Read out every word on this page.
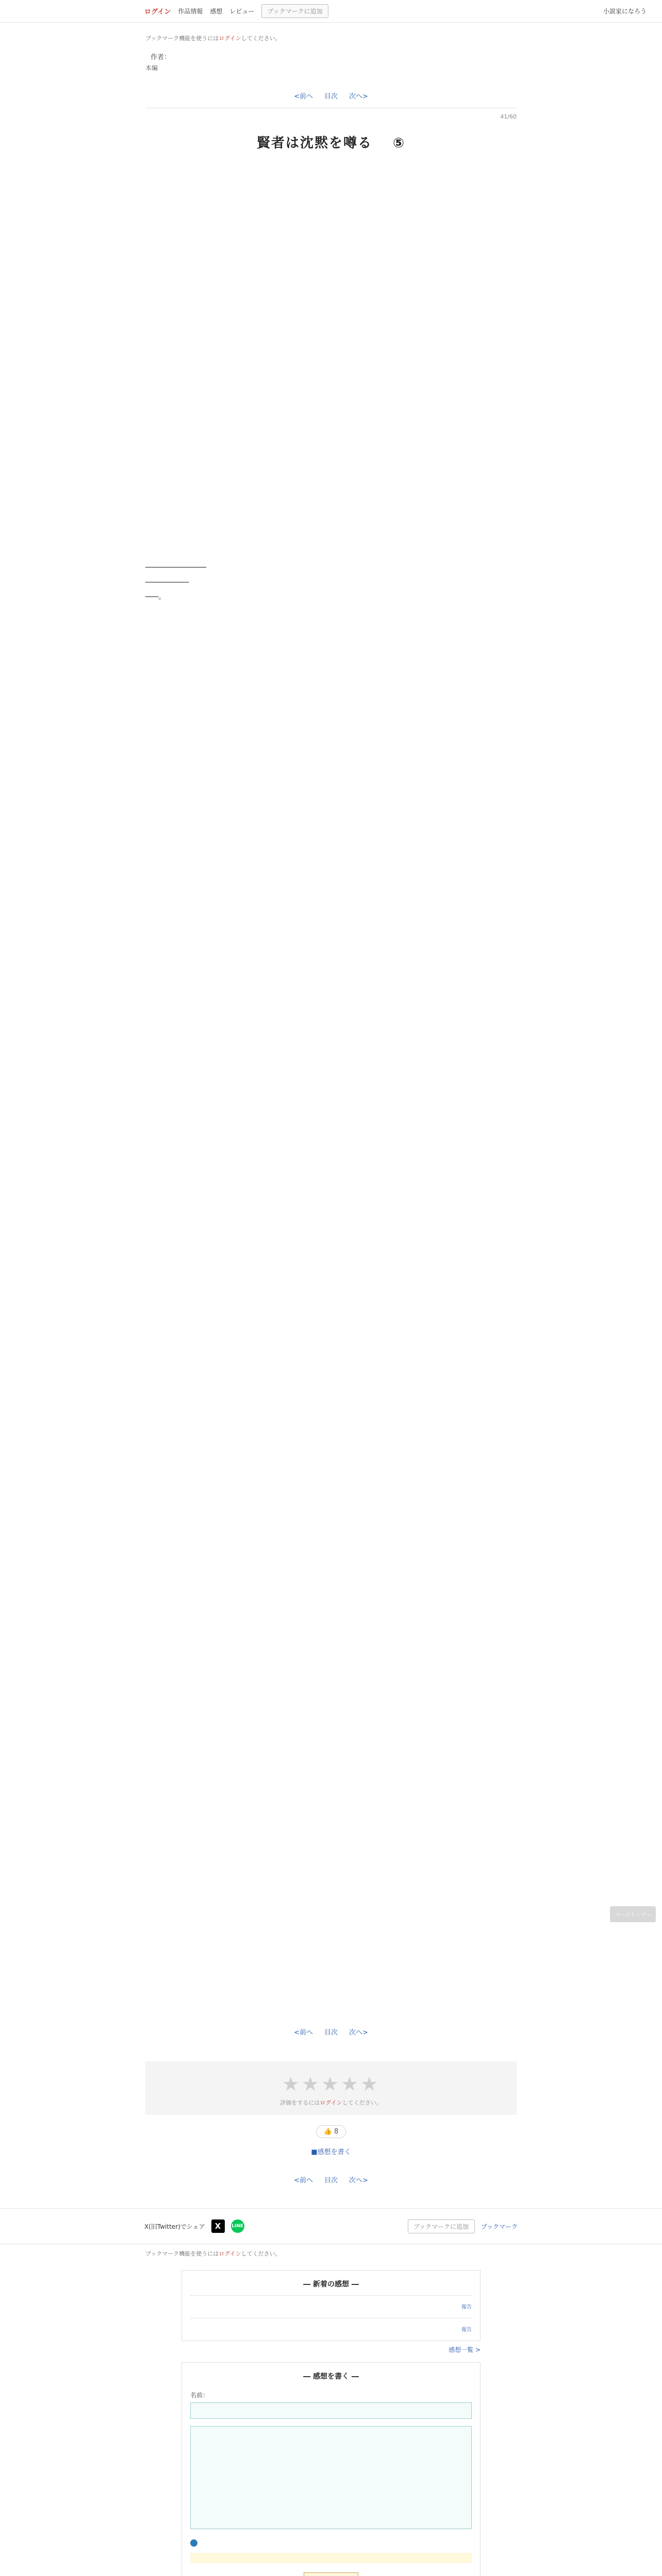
ログイン 作品情報 感想 レビュー	ブックマークに追加	小説家になろう

ブックマーク機能を使うにはログインしてください。

作者：
本編
<前へ 目次 次へ>
41/60
賢者は沈黙を噂る ⑤

──────────────

──────────

───。

<前へ 目次 次へ>
★★★★★

評価をするにはログインしてください。

👍 8
■感想を書く
<前へ 目次 次へ>
X(旧Twitter)でシェア	X	LINE	ブックマークに追加	ブックマーク

ブックマーク機能を使うにはログインしてください。

― 新着の感想 ―
報告
報告
感想一覧 >
― 感想を書く ―
名前：

ページトップへ
